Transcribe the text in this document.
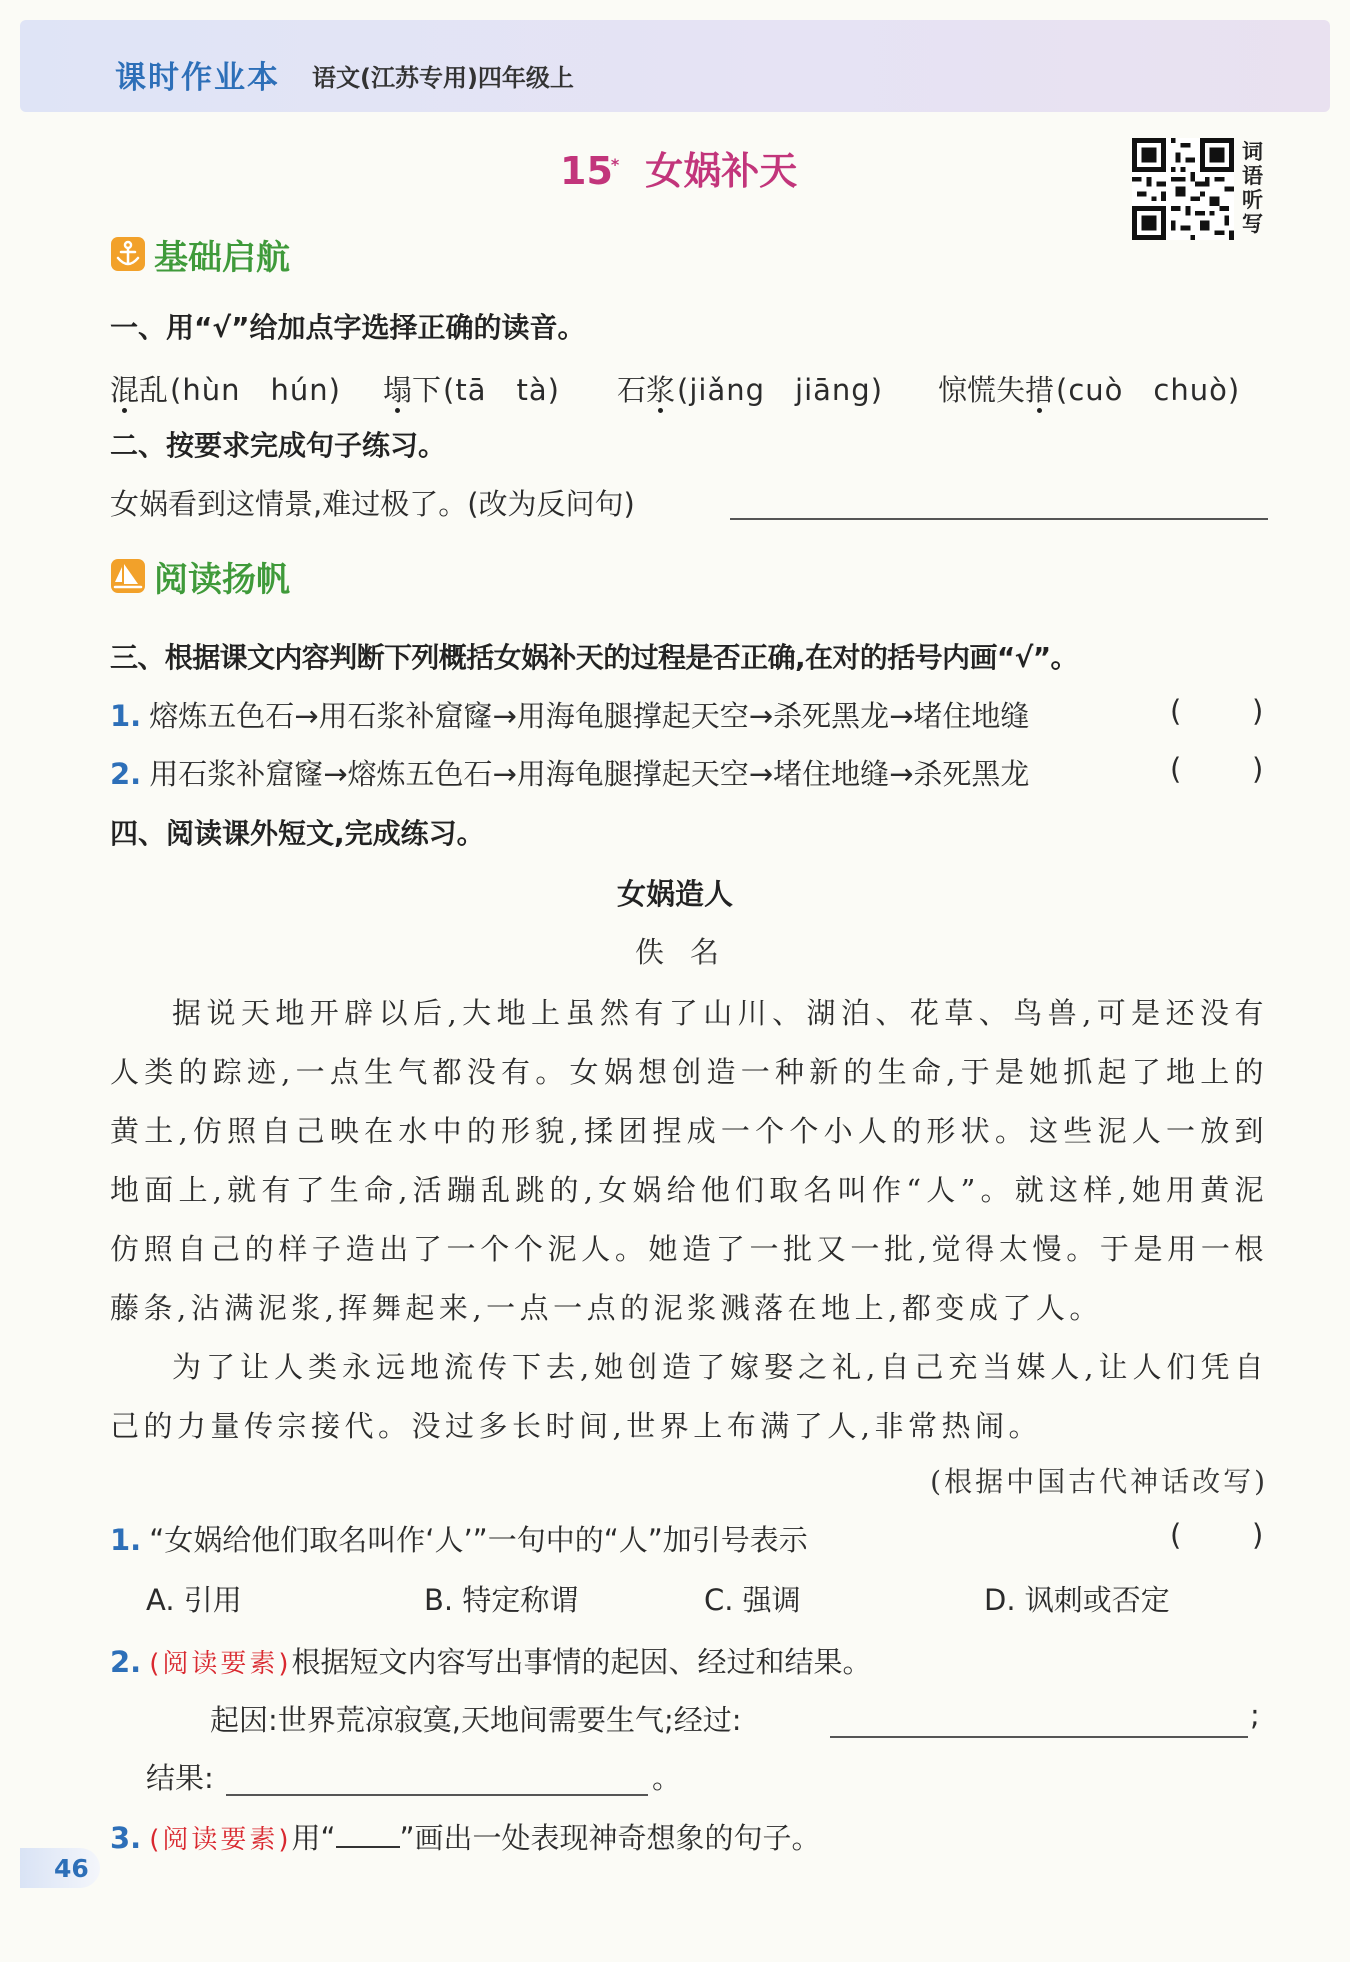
课时作业本 语文(江苏专用)四年级上
15* 女娲补天	词
语
听
写
基础启航
一、用“√”给加点字选择正确的读音。
混乱(hùn　hún) 塌下(tā　tà) 石浆(jiǎng　jiāng) 惊慌失措(cuò　chuò)
二、按要求完成句子练习。
女娲看到这情景,难过极了。(改为反问句)
阅读扬帆
三、根据课文内容判断下列概括女娲补天的过程是否正确,在对的括号内画“√”。
1. 熔炼五色石→用石浆补窟窿→用海龟腿撑起天空→杀死黑龙→堵住地缝	( )
2. 用石浆补窟窿→熔炼五色石→用海龟腿撑起天空→堵住地缝→杀死黑龙	( )
四、阅读课外短文,完成练习。
女娲造人
佚名

据说天地开辟以后,大地上虽然有了山川、湖泊、花草、鸟兽,可是还没有人类的踪迹,一点生气都没有。女娲想创造一种新的生命,于是她抓起了地上的黄土,仿照自己映在水中的形貌,揉团捏成一个个小人的形状。这些泥人一放到地面上,就有了生命,活蹦乱跳的,女娲给他们取名叫作“人”。就这样,她用黄泥仿照自己的样子造出了一个个泥人。她造了一批又一批,觉得太慢。于是用一根藤条,沾满泥浆,挥舞起来,一点一点的泥浆溅落在地上,都变成了人。

为了让人类永远地流传下去,她创造了嫁娶之礼,自己充当媒人,让人们凭自己的力量传宗接代。没过多长时间,世界上布满了人,非常热闹。

(根据中国古代神话改写)
1. “女娲给他们取名叫作‘人’”一句中的“人”加引号表示	( )
A. 引用	B. 特定称谓	C. 强调	D. 讽刺或否定
2. (阅读要素)根据短文内容写出事情的起因、经过和结果。
起因:世界荒凉寂寞,天地间需要生气;经过:	;
结果:	。
3. (阅读要素)用“ ”画出一处表现神奇想象的句子。
46
